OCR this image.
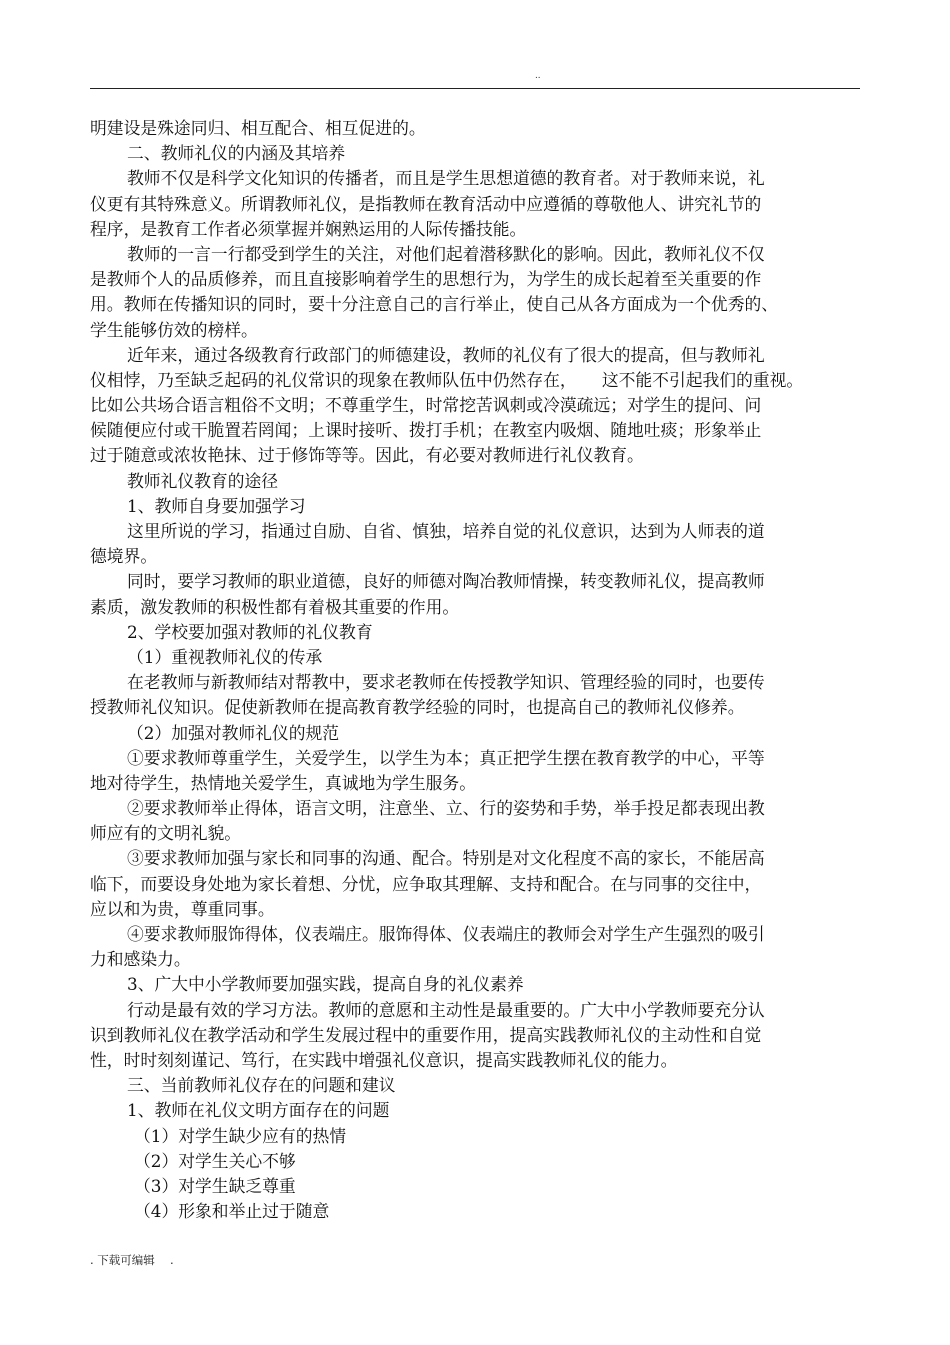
..
明建设是殊途同归、相互配合、相互促进的。
二、教师礼仪的内涵及其培养
教师不仅是科学文化知识的传播者，而且是学生思想道德的教育者。对于教师来说，礼
仪更有其特殊意义。所谓教师礼仪，是指教师在教育活动中应遵循的尊敬他人、讲究礼节的
程序，是教育工作者必须掌握并娴熟运用的人际传播技能。
教师的一言一行都受到学生的关注，对他们起着潜移默化的影响。因此，教师礼仪不仅
是教师个人的品质修养，而且直接影响着学生的思想行为，为学生的成长起着至关重要的作
用。教师在传播知识的同时，要十分注意自己的言行举止，使自己从各方面成为一个优秀的、
学生能够仿效的榜样。
近年来，通过各级教育行政部门的师德建设，教师的礼仪有了很大的提高，但与教师礼
仪相悖，乃至缺乏起码的礼仪常识的现象在教师队伍中仍然存在，　　这不能不引起我们的重视。
比如公共场合语言粗俗不文明；不尊重学生，时常挖苦讽刺或冷漠疏远；对学生的提问、问
候随便应付或干脆置若罔闻；上课时接听、拨打手机；在教室内吸烟、随地吐痰；形象举止
过于随意或浓妆艳抹、过于修饰等等。因此，有必要对教师进行礼仪教育。
教师礼仪教育的途径
1、教师自身要加强学习
这里所说的学习，指通过自励、自省、慎独，培养自觉的礼仪意识，达到为人师表的道
德境界。
同时，要学习教师的职业道德，良好的师德对陶冶教师情操，转变教师礼仪，提高教师
素质，激发教师的积极性都有着极其重要的作用。
2、学校要加强对教师的礼仪教育
（1）重视教师礼仪的传承
在老教师与新教师结对帮教中，要求老教师在传授教学知识、管理经验的同时，也要传
授教师礼仪知识。促使新教师在提高教育教学经验的同时，也提高自己的教师礼仪修养。
（2）加强对教师礼仪的规范
①要求教师尊重学生，关爱学生，以学生为本；真正把学生摆在教育教学的中心，平等
地对待学生，热情地关爱学生，真诚地为学生服务。
②要求教师举止得体，语言文明，注意坐、立、行的姿势和手势，举手投足都表现出教
师应有的文明礼貌。
③要求教师加强与家长和同事的沟通、配合。特别是对文化程度不高的家长，不能居高
临下，而要设身处地为家长着想、分忧，应争取其理解、支持和配合。在与同事的交往中，
应以和为贵，尊重同事。
④要求教师服饰得体，仪表端庄。服饰得体、仪表端庄的教师会对学生产生强烈的吸引
力和感染力。
3、广大中小学教师要加强实践，提高自身的礼仪素养
行动是最有效的学习方法。教师的意愿和主动性是最重要的。广大中小学教师要充分认
识到教师礼仪在教学活动和学生发展过程中的重要作用，提高实践教师礼仪的主动性和自觉
性，时时刻刻谨记、笃行，在实践中增强礼仪意识，提高实践教师礼仪的能力。
三、当前教师礼仪存在的问题和建议
1、教师在礼仪文明方面存在的问题
（1）对学生缺少应有的热情
（2）对学生关心不够
（3）对学生缺乏尊重
（4）形象和举止过于随意
. 下载可编辑　 .
